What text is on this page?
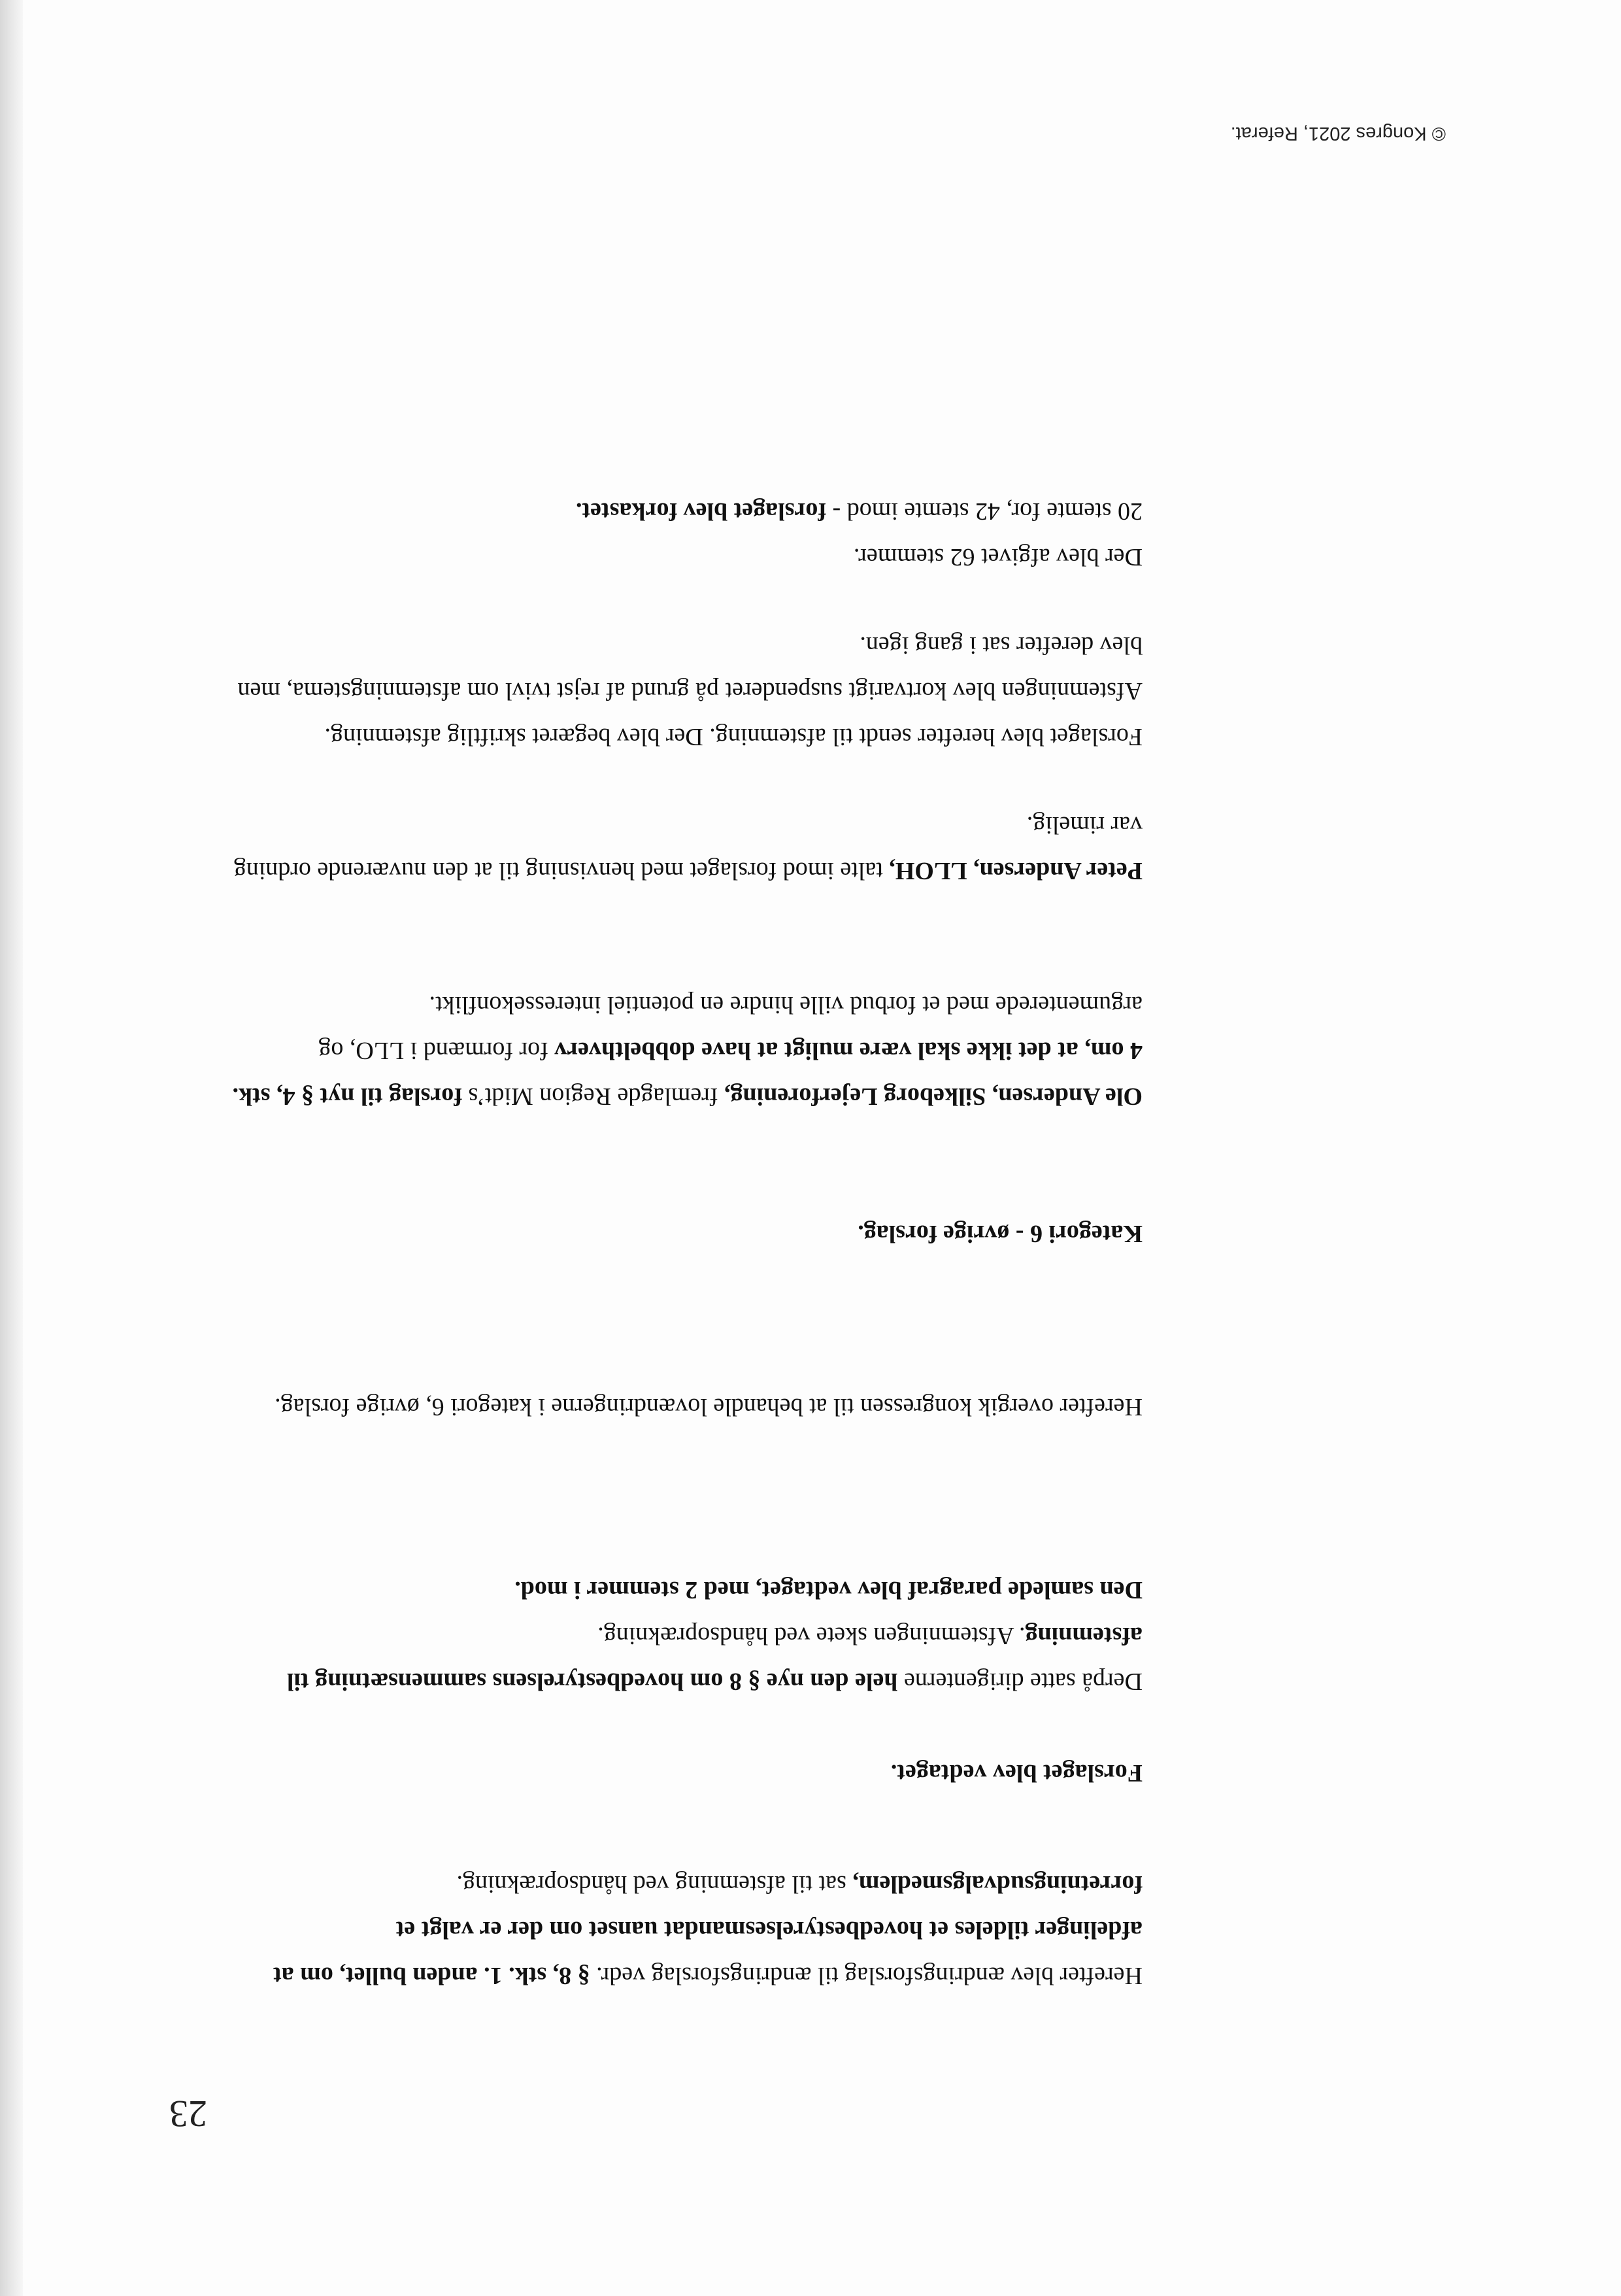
23

Herefter blev ændringsforslag til ændringsforslag vedr. § 8, stk. 1. anden bullet, om at afdelinger tildeles et hovedbestyrelsesmandat uanset om der er valgt et forretningsudvalgsmedlem, sat til afstemning ved håndsoprækning.

Forslaget blev vedtaget.

Derpå satte dirigenterne hele den nye § 8 om hovedbestyrelsens sammensætning til afstemning. Afstemningen skete ved håndsoprækning.

Den samlede paragraf blev vedtaget, med 2 stemmer i mod.

Herefter overgik kongressen til at behandle lovændringerne i kategori 6, øvrige forslag.

Kategori 6 - øvrige forslag.

Ole Andersen, Silkeborg Lejerforening, fremlagde Region Midt’s forslag til nyt § 4, stk. 4 om, at det ikke skal være muligt at have dobbelthverv for formænd i LLO, og argumenterede med et forbud ville hindre en potentiel interessekonflikt.

Peter Andersen, LLOH, talte imod forslaget med henvisning til at den nuværende ordning var rimelig.

Forslaget blev herefter sendt til afstemning. Der blev begæret skriftlig afstemning. Afstemningen blev kortvarigt suspenderet på grund af rejst tvivl om afstemningstema, men blev derefter sat i gang igen.

Der blev afgivet 62 stemmer.

20 stemte for, 42 stemte imod - forslaget blev forkastet.

© Kongres 2021, Referat.
